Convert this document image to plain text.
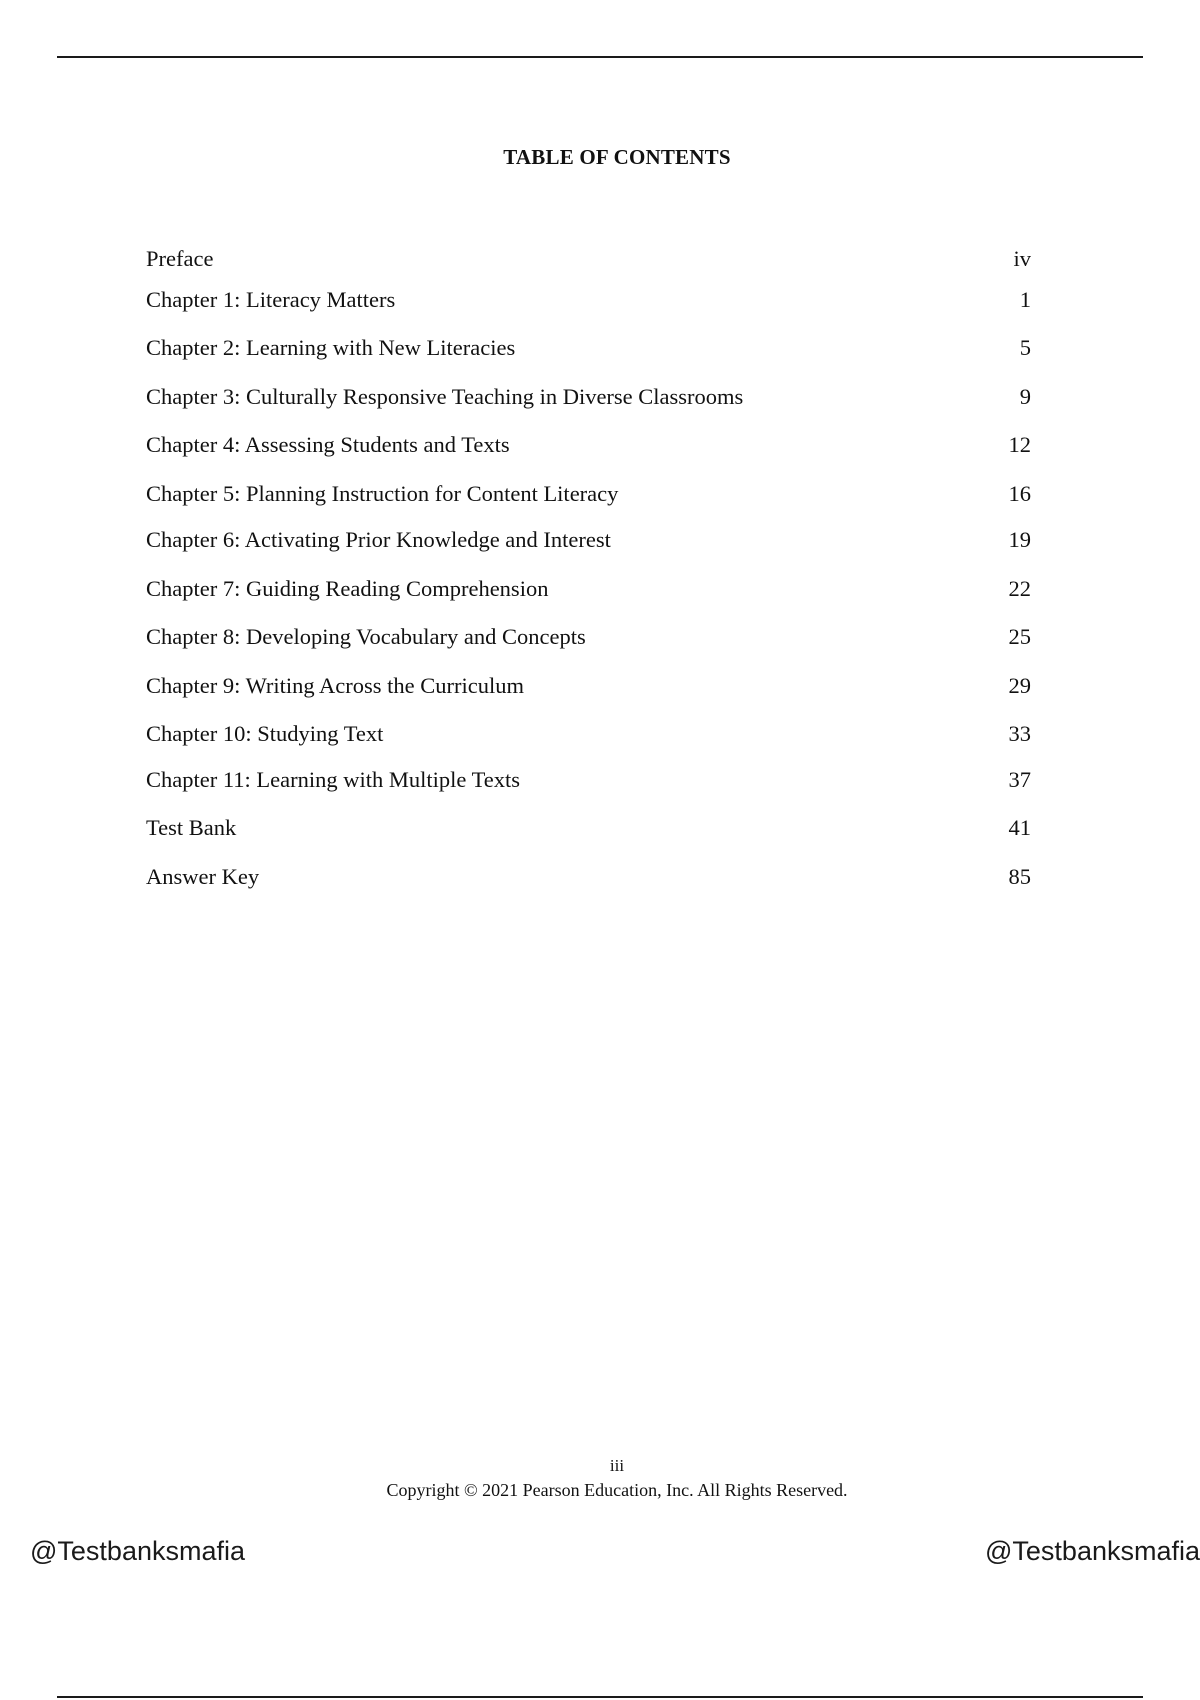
TABLE OF CONTENTS
Preface	iv
Chapter 1: Literacy Matters	1
Chapter 2: Learning with New Literacies	5
Chapter 3: Culturally Responsive Teaching in Diverse Classrooms	9
Chapter 4: Assessing Students and Texts	12
Chapter 5: Planning Instruction for Content Literacy	16
Chapter 6: Activating Prior Knowledge and Interest	19
Chapter 7: Guiding Reading Comprehension	22
Chapter 8: Developing Vocabulary and Concepts	25
Chapter 9: Writing Across the Curriculum	29
Chapter 10: Studying Text	33
Chapter 11: Learning with Multiple Texts	37
Test Bank	41
Answer Key	85
iii
Copyright © 2021 Pearson Education, Inc. All Rights Reserved.
@Testbanksmafia	@Testbanksmafia
